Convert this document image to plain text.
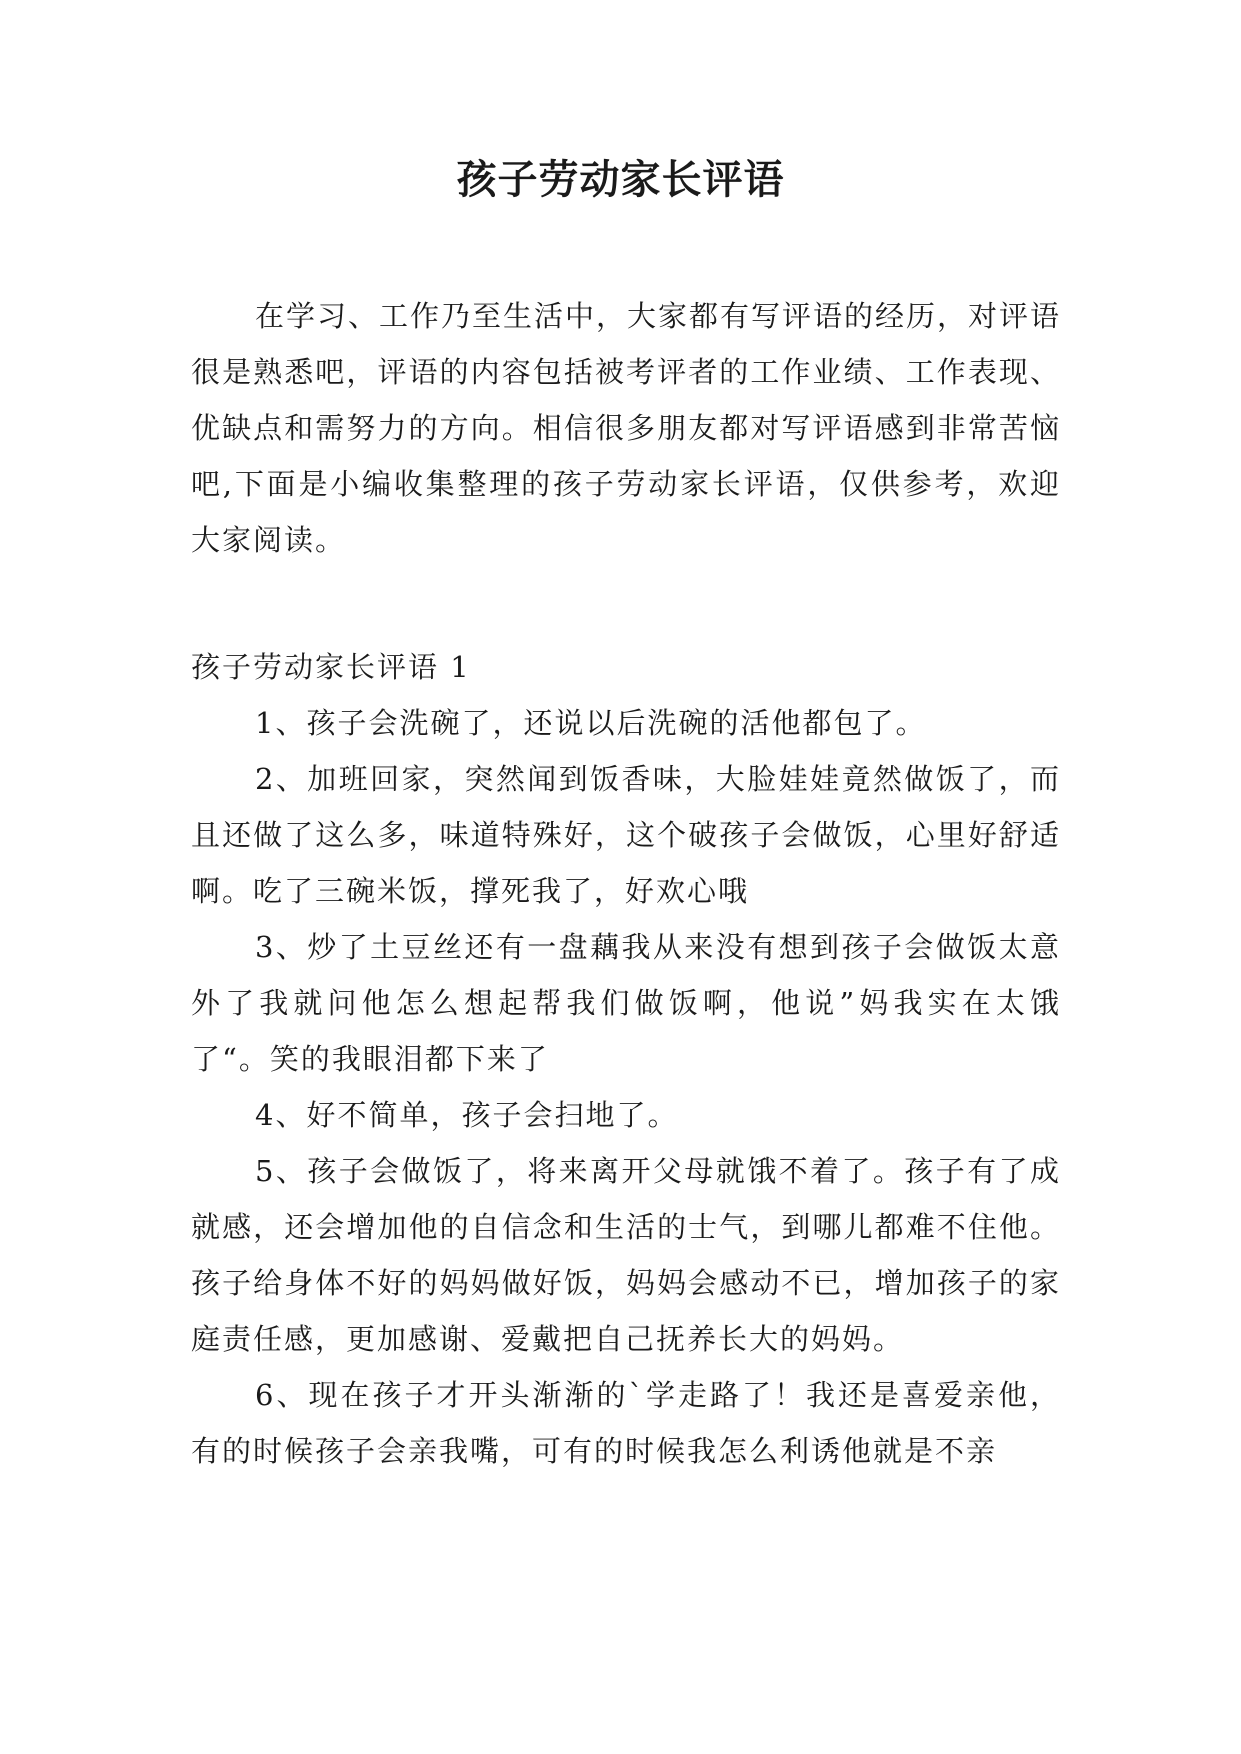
孩子劳动家长评语

在学习、工作乃至生活中，大家都有写评语的经历，对评语很是熟悉吧，评语的内容包括被考评者的工作业绩、工作表现、优缺点和需努力的方向。相信很多朋友都对写评语感到非常苦恼吧,下面是小编收集整理的孩子劳动家长评语，仅供参考，欢迎大家阅读。

孩子劳动家长评语 1

1、孩子会洗碗了，还说以后洗碗的活他都包了。

2、加班回家，突然闻到饭香味，大脸娃娃竟然做饭了，而且还做了这么多，味道特殊好，这个破孩子会做饭，心里好舒适啊。吃了三碗米饭，撑死我了，好欢心哦

3、炒了土豆丝还有一盘藕我从来没有想到孩子会做饭太意外了我就问他怎么想起帮我们做饭啊，他说”妈我实在太饿了“。笑的我眼泪都下来了

4、好不简单，孩子会扫地了。

5、孩子会做饭了，将来离开父母就饿不着了。孩子有了成就感，还会增加他的自信念和生活的士气，到哪儿都难不住他。孩子给身体不好的妈妈做好饭，妈妈会感动不已，增加孩子的家庭责任感，更加感谢、爱戴把自己抚养长大的妈妈。

6、现在孩子才开头渐渐的`学走路了！我还是喜爱亲他，有的时候孩子会亲我嘴，可有的时候我怎么利诱他就是不亲
